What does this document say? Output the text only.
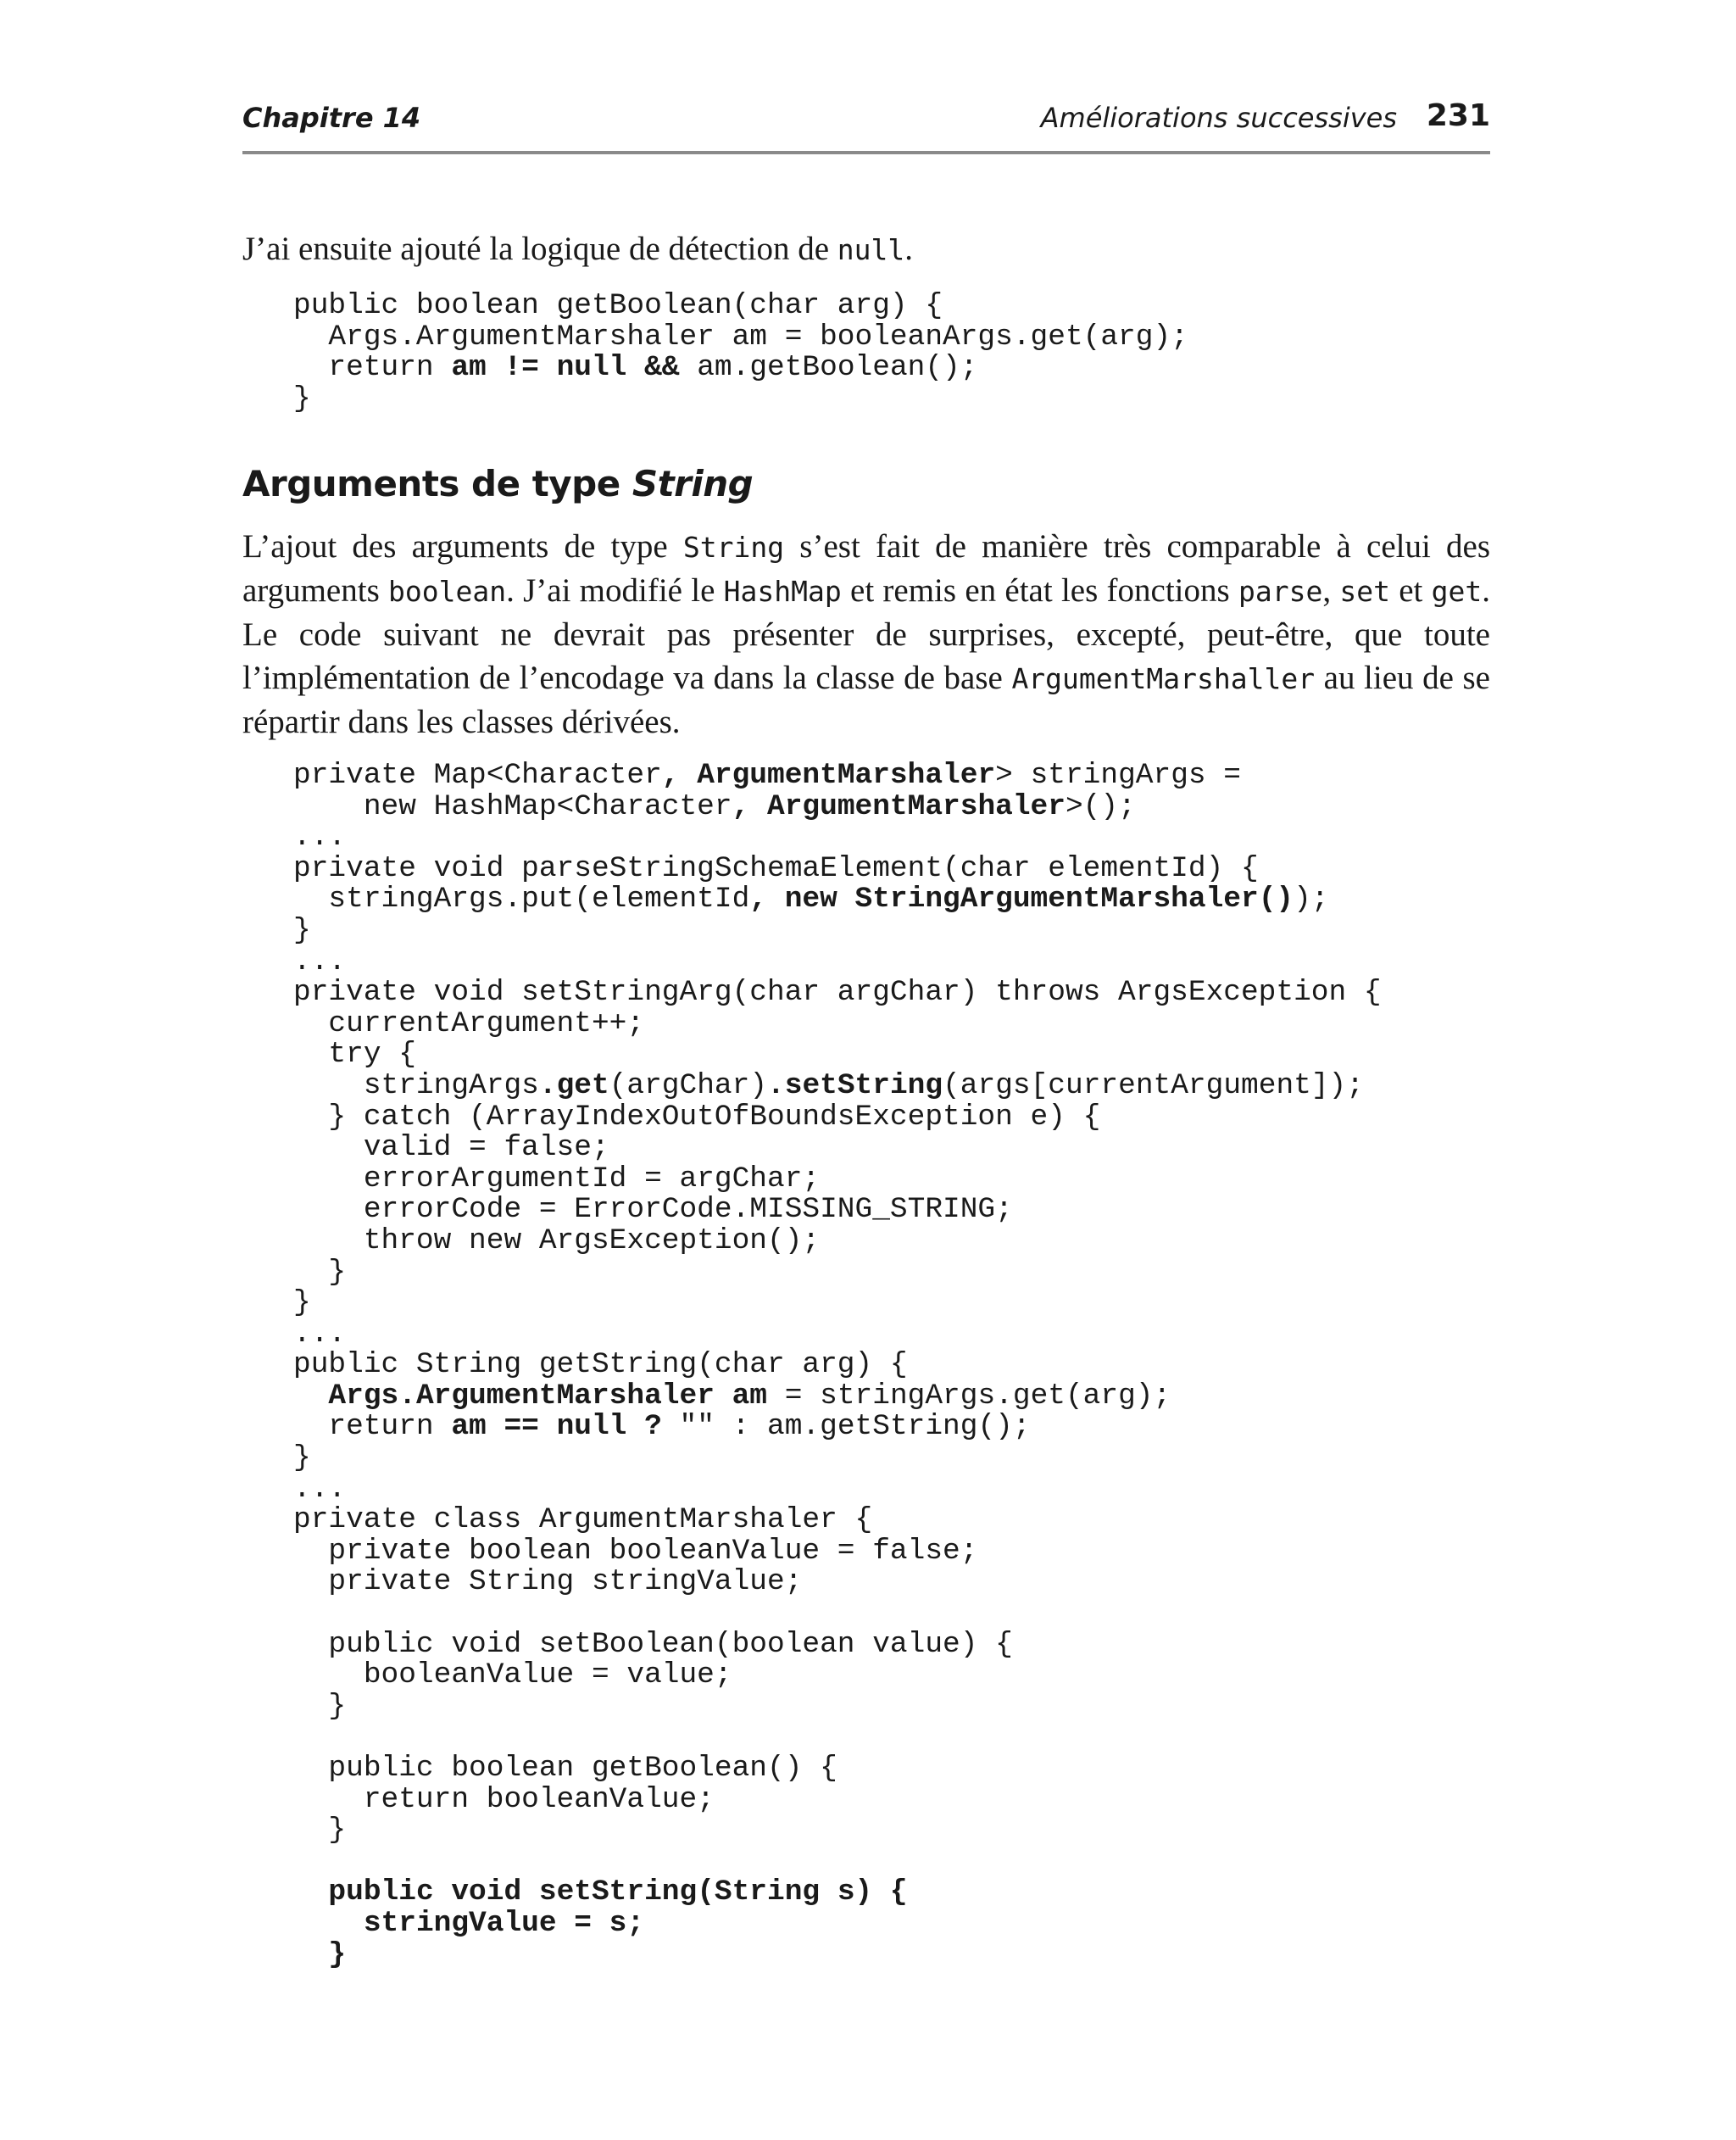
Chapitre 14	Améliorations successives 231

J’ai ensuite ajouté la logique de détection de null.

public boolean getBoolean(char arg) {
Args.ArgumentMarshaler am = booleanArgs.get(arg);
return am != null && am.getBoolean();
}
Arguments de type String

L’ajout des arguments de type String s’est fait de manière très comparable à celui des arguments boolean. J’ai modifié le HashMap et remis en état les fonctions parse, set et get. Le code suivant ne devrait pas présenter de surprises, excepté, peut-être, que toute l’implémentation de l’encodage va dans la classe de base ArgumentMarshaller au lieu de se répartir dans les classes dérivées.

private Map<Character, ArgumentMarshaler> stringArgs =
new HashMap<Character, ArgumentMarshaler>();
...
private void parseStringSchemaElement(char elementId) {
stringArgs.put(elementId, new StringArgumentMarshaler());
}
...
private void setStringArg(char argChar) throws ArgsException {
currentArgument++;
try {
stringArgs.get(argChar).setString(args[currentArgument]);
} catch (ArrayIndexOutOfBoundsException e) {
valid = false;
errorArgumentId = argChar;
errorCode = ErrorCode.MISSING_STRING;
throw new ArgsException();
}
}
...
public String getString(char arg) {
Args.ArgumentMarshaler am = stringArgs.get(arg);
return am == null ? "" : am.getString();
}
...
private class ArgumentMarshaler {
private boolean booleanValue = false;
private String stringValue;
public void setBoolean(boolean value) {
booleanValue = value;
}
public boolean getBoolean() {
return booleanValue;
}
public void setString(String s) {
stringValue = s;
}
